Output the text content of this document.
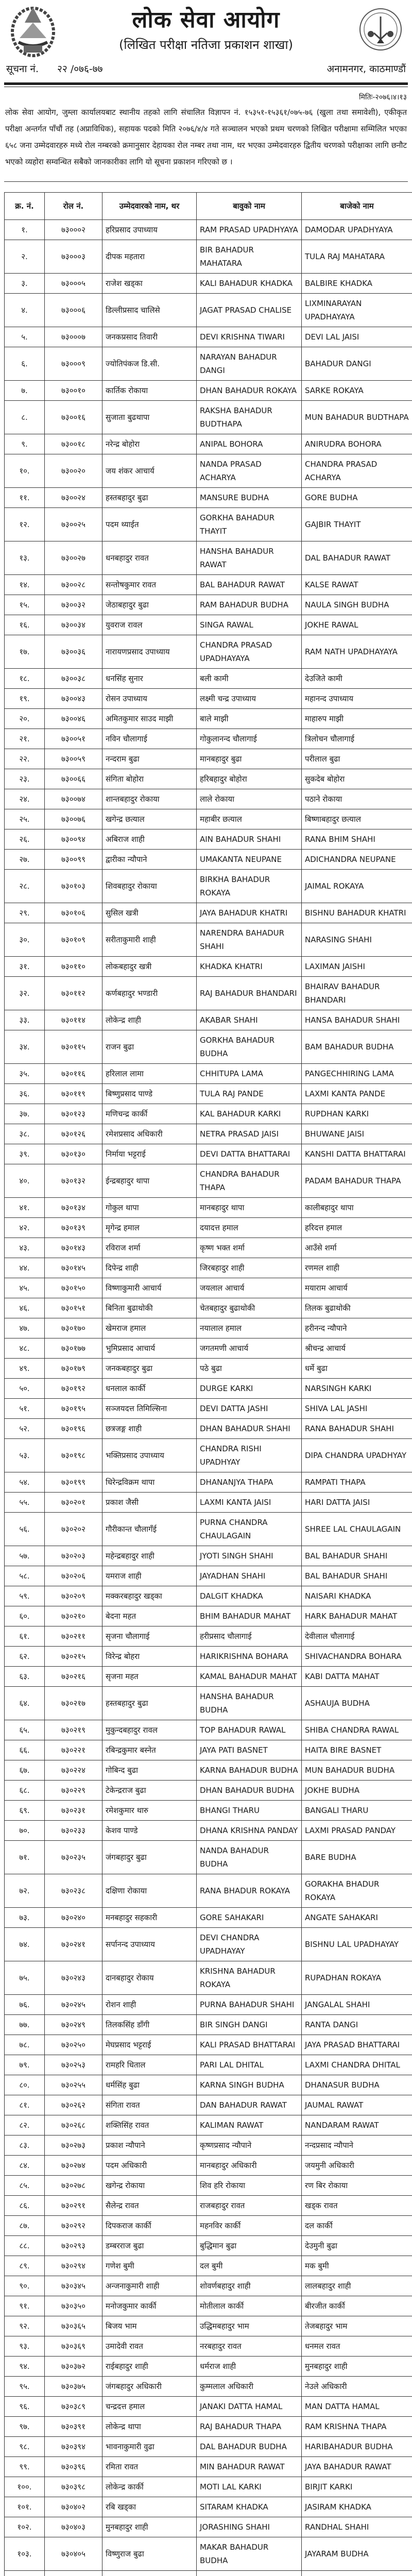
लोक सेवा आयोग
(लिखित परीक्षा नतिजा प्रकाशन शाखा)
सूचना नं. २२ /०७६-७७	अनामनगर, काठमाण्डौं
मितिः-२०७६।४।१३
लोक सेवा आयोग, जुम्ला कार्यालयबाट स्थानीय तहको लागि संचालित विज्ञापन नं. १५३५१-१५३६१/०७५-७६ (खुला तथा समावेशी), एकीकृत परीक्षा अन्तर्गत पाँचौं तह (अप्राविधिक), सहायक पदको मिति २०७६/४/४ गते सञ्चालन भएको प्रथम चरणको लिखित परीक्षामा सम्मिलित भएका ६५८ जना उम्मेदवारहरु मध्ये रोल नम्बरको क्रमानुसार देहायका रोल नम्बर तथा नाम, थर भएका उम्मेदवारहरु द्वितीय चरणको परीक्षाका लागि छनौट भएको व्यहोरा सम्वन्धित सबैको जानकारीका लागि यो सूचना प्रकाशन गरिएको छ ।
क्र. नं.	रोल नं.	उम्मेदवारको नाम, थर	बावुको नाम	बाजेको नाम
१.	७३०००२	हरिप्रसाद उपाध्याय	RAM PRASAD UPADHYAYA	DAMODAR UPADHYAYA
२.	७३०००३	दीपक महतारा	BIR BAHADUR MAHATARA	TULA RAJ MAHATARA
३.	७३०००५	राजेश खड्का	KALI BAHADUR KHADKA	BALBIRE KHADKA
४.	७३०००६	डिल्लीप्रसाद चालिसे	JAGAT PRASAD CHALISE	LIXMINARAYAN UPADHAYAYA
५.	७३०००७	जनकप्रसाद तिवारी	DEVI KRISHNA TIWARI	DEVI LAL JAISI
६.	७३०००९	ज्योतिपंकज डि.सी.	NARAYAN BAHADUR DANGI	BAHADUR DANGI
७.	७३००१०	कार्तिक रोकाया	DHAN BAHADUR ROKAYA	SARKE ROKAYA
८.	७३००१६	सुजाता बुढथापा	RAKSHA BAHADUR BUDTHAPA	MUN BAHADUR BUDTHAPA
९.	७३००१८	नरेन्द्र बोहोरा	ANIPAL BOHORA	ANIRUDRA BOHORA
१०.	७३००२०	जय शंकर आचार्य	NANDA PRASAD ACHARYA	CHANDRA PRASAD ACHARYA
११.	७३००२४	हस्तबहादुर बुढा	MANSURE BUDHA	GORE BUDHA
१२.	७३००२५	पदम थ्याईत	GORKHA BAHADUR THAYIT	GAJBIR THAYIT
१३.	७३००२७	धनबहादुर रावत	HANSHA BAHADUR RAWAT	DAL BAHADUR RAWAT
१४.	७३००२८	सन्तोषकुमार रावत	BAL BAHADUR RAWAT	KALSE RAWAT
१५.	७३००३२	जेठाबहादुर बुढा	RAM BAHADUR BUDHA	NAULA SINGH BUDHA
१६.	७३००३४	युवराज रावल	SINGA RAWAL	JOKHE RAWAL
१७.	७३००३६	नारायणप्रसाद उपाध्याय	CHANDRA PRASAD UPADHAYAYA	RAM NATH UPADHAYAYA
१८.	७३००३८	धनसिंह सुनार	बली कामी	देउजिते कामी
१९.	७३००४३	रोसन उपाध्याय	लक्ष्मी चन्द्र उपाध्याय	महानन्द उपाध्याय
२०.	७३००४६	अमितकुमार साउद माझी	बाले माझी	माहारुप माझी
२१.	७३००५१	नविन चौलागाई	गोकुलानन्द चौलागाई	त्रिलोचन चौलागाई
२२.	७३००५९	नन्दराम बुढा	मानबहादुर बुढा	परीलाल बुढा
२३.	७३००६६	संगिता बोहोरा	हरिबहादुर बोहोरा	सुकदेब बोहोरा
२४.	७३००७४	शान्तबहादुर रोकाया	लाले रोकाया	पठाने रोकाया
२५.	७३००७६	खगेन्द्र छत्याल	महाबीर छत्याल	बिष्णाबहादुर छत्याल
२६.	७३००९४	अबिराज शाही	AIN BAHADUR SHAHI	RANA BHIM SHAHI
२७.	७३००९९	द्वारीका न्यौपाने	UMAKANTA NEUPANE	ADICHANDRA NEUPANE
२८.	७३०१०३	शिवबहादुर रोकाया	BIRKHA BAHADUR ROKAYA	JAIMAL ROKAYA
२९.	७३०१०६	सुसिल खत्री	JAYA BAHADUR KHATRI	BISHNU BAHADUR KHATRI
३०.	७३०१०९	सरीताकुमारी शाही	NARENDRA BAHADUR SHAHI	NARASING SHAHI
३१.	७३०११०	लोकबहादुर खत्री	KHADKA KHATRI	LAXIMAN JAISHI
३२.	७३०११२	कर्णबहादुर भण्डारी	RAJ BAHADUR BHANDARI	BHAIRAV BAHADUR BHANDARI
३३.	७३०११४	लोकेन्द्र शाही	AKABAR SHAHI	HANSA BAHADUR SHAHI
३४.	७३०११५	राजन बुढा	GORKHA BAHADUR BUDHA	BAM BAHADUR BUDHA
३५.	७३०११६	हरिलाल लामा	CHHITUPA LAMA	PANGECHHIRING LAMA
३६.	७३०११९	बिष्णुप्रसाद पाण्डे	TULA RAJ PANDE	LAXMI KANTA PANDE
३७.	७३०१२३	मणिचन्द्र कार्की	KAL BAHADUR KARKI	RUPDHAN KARKI
३८.	७३०१२६	रमेशप्रसाद अधिकारी	NETRA PRASAD JAISI	BHUWANE JAISI
३९.	७३०१३०	निर्माया भट्टराई	DEVI DATTA BHATTARAI	KANSHI DATTA BHATTARAI
४०.	७३०१३२	ईन्द्रबहादुर थापा	CHANDRA BAHADUR THAPA	PADAM BAHADUR THAPA
४१.	७३०१३४	गोकुल थापा	मानबहादुर थापा	कालीबहादुर थापा
४२.	७३०१३९	मृगेन्द्र हमाल	दयादत्त हमाल	हरिदत्त हमाल
४३.	७३०१४३	रविराज शर्मा	कृष्ण भक्त शर्मा	आउँसे शर्मा
४४.	७३०१४५	दिपेन्द्र शाही	जिरबहादुर शाही	रणमल शाही
४५.	७३०१५०	विष्णाकुमारी आचार्य	जयलाल आचार्य	मयाराम आचार्य
४६.	७३०१५१	बिनिता बुढाथोकी	चेतबहादुर बुढाथोकी	तिलक बुढाथोकी
४७.	७३०१७०	खेमराज हमाल	नयालाल हमाल	हरीनन्द न्यौपाने
४८.	७३०१७७	भुमिप्रसाद आचार्य	जगतमणी आचार्य	श्रीचन्द्र आचार्य
४९.	७३०१७९	जनकबहादुर बुढा	पठे बुढा	धर्मे बुढा
५०.	७३०१९२	धनलाल कार्की	DURGE KARKI	NARSINGH KARKI
५१.	७३०१९५	सञ्जयदत्त तिमिल्सिना	DEVI DATTA JASHI	SHIVA LAL JASHI
५२.	७३०१९६	छत्रजङ्ग शाही	DHAN BAHADUR SHAHI	RANA BAHADUR SHAHI
५३.	७३०१९८	भक्तिप्रसाद उपाध्याय	CHANDRA RISHI UPADHYAY	DIPA CHANDRA UPADHYAY
५४.	७३०१९९	धिरेन्द्रविक्रम थापा	DHANANJYA THAPA	RAMPATI THAPA
५५.	७३०२०१	प्रकाश जैसी	LAXMI KANTA JAISI	HARI DATTA JAISI
५६.	७३०२०२	गौरीकान्त चौलागँई	PURNA CHANDRA CHAULAGAIN	SHREE LAL CHAULAGAIN
५७.	७३०२०३	महेन्द्रबहादुर शाही	JYOTI SINGH SHAHI	BAL BAHADUR SHAHI
५८.	७३०२०६	यमराज शाही	JAYADHAN SHAHI	BAL BAHADUR SHAHI
५९.	७३०२०९	मक्करबहादुर खड्का	DALGIT KHADKA	NAISARI KHADKA
६०.	७३०२१०	बेदना महत	BHIM BAHADUR MAHAT	HARK BAHADUR MAHAT
६१.	७३०२११	सृजना चौलागाई	हरीप्रसाद चौलागाई	देवीलाल चौलागाई
६२.	७३०२१५	विरेन्द्र बोहरा	HARIKRISHNA BOHARA	SHIVACHANDRA BOHARA
६३.	७३०२१६	सृजना महत	KAMAL BAHADUR MAHAT	KABI DATTA MAHAT
६४.	७३०२१७	हस्तबहादुर बुढा	HANSHA BAHADUR BUDHA	ASHAUJA BUDHA
६५.	७३०२१९	मुकुन्दबहादुर रावल	TOP BAHADUR RAWAL	SHIBA CHANDRA RAWAL
६६.	७३०२२१	रबिन्द्रकुमार बस्नेत	JAYA PATI BASNET	HAITA BIRE BASNET
६७.	७३०२२४	गोबिन्द बुढा	KARNA BAHADUR BUDHA	MUN BAHADUR BUDHA
६८.	७३०२२९	टेकेन्द्रराज बुढा	DHAN BAHADUR BUDHA	JOKHE BUDHA
६९.	७३०२३१	रमेशकुमार थारु	BHANGI THARU	BANGALI THARU
७०.	७३०२३३	केशव पाण्डे	DHANA KRISHNA PANDAY	LAXMI PRASAD PANDAY
७१.	७३०२३५	जंगबहादुर बुढा	NANDA BAHADUR BUDHA	BARE BUDHA
७२.	७३०२३८	दक्षिणा रोकाया	RANA BHADUR ROKAYA	GORAKHA BHADUR ROKAYA
७३.	७३०२४०	मनबहादुर सहकारी	GORE SAHAKARI	ANGATE SAHAKARI
७४.	७३०२४१	सर्पानन्द उपाध्याय	DEVI CHANDRA UPADHAYAY	BISHNU LAL UPADHAYAY
७५.	७३०२४३	दानबहादुर रोकाय	KRISHNA BAHADUR ROKAYA	RUPADHAN ROKAYA
७६.	७३०२४५	रोशन शाही	PURNA BAHADUR SHAHI	JANGALAL SHAHI
७७.	७३०२४९	तिलकसिंह डाँगी	BIR SINGH DANGI	RANTA DANGI
७८.	७३०२५०	मेघप्रसाद भट्टराई	KALI PRASAD BHATTARAI	JAYA PRASAD BHATTARAI
७९.	७३०२५३	रामहरि धिताल	PARI LAL DHITAL	LAXMI CHANDRA DHITAL
८०.	७३०२५५	धर्मसिंह बुढा	KARNA SINGH BUDHA	DHANASUR BUDHA
८१.	७३०२६२	संगिता रावत	DAN BAHADUR RAWAT	JAUMAL RAWAT
८२.	७३०२६८	शक्तिसिंह रावत	KALIMAN RAWAT	NANDARAM RAWAT
८३.	७३०२७३	प्रकाश न्यौपाने	कृष्णप्रसाद न्यौपाने	नन्दप्रसाद न्यौपाने
८४.	७३०२७४	पदम अधिकारी	मानबहादुर अधिकारी	जयमुनी अधिकारी
८५.	७३०२७८	खगेन्द्र रोकाया	शिव हरि रोकाया	रण बिर रोकाया
८६.	७३०२९१	सैलेन्द्र रावत	राजबहादुर रावत	खड्क रावत
८७.	७३०२९२	दिपकराज कार्की	महनविर कार्की	दल कार्की
८८.	७३०२९३	डम्बरराज बुढा	बुद्धिमान बुढा	देउमुनी बुढा
८९.	७३०२९४	गणेश बुमी	दल बुमी	मक बुमी
९०.	७३०३४५	अन्जनाकुमारी शाही	शोवर्णबहादुर शाही	लालबहादुर शाही
९१.	७३०३५०	मनोजकुमार कार्की	मोतीलाल कार्की	बीरजीत कार्की
९२.	७३०३६५	बिजय भाम	उद्धिमबहादुर भाम	तेजबहादुर भाम
९३.	७३०३६९	उमादेवी रावत	नरबहादुर रावत	धनमल रावत
९४.	७३०३७२	राईबहादुर शाही	धर्मराज शाही	मुनबहादुर शाही
९५.	७३०३७५	जंगबहादुर अधिकारी	कुम्मलाल अधिकारी	नेउले अधिकारी
९६.	७३०३८९	चन्द्रदत्त हमाल	JANAKI DATTA HAMAL	MAN DATTA HAMAL
९७.	७३०३९१	लोकेन्द्र थापा	RAJ BAHADUR THAPA	RAM KRISHNA THAPA
९८.	७३०३९४	भावनाकुमारी वुढा	DAL BAHADUR BUDHA	HARIBAHADUR BUDHA
९९.	७३०३९६	रमिता रावत	MIN BAHADUR RAWAT	JAYA BAHADUR RAWAT
१००.	७३०३९८	लोकेन्द्र कार्की	MOTI LAL KARKI	BIRJIT KARKI
१०१.	७३०४०२	रबि खड्का	SITARAM KHADKA	JASIRAM KHADKA
१०२.	७३०४०३	मुनबहादुर शाही	JORASHING SHAHI	RANDHAL SHAHI
१०३.	७३०४०५	विष्णुराज बुढा	MAKAR BAHADUR BUDHA	JAYARAM BUDHA
